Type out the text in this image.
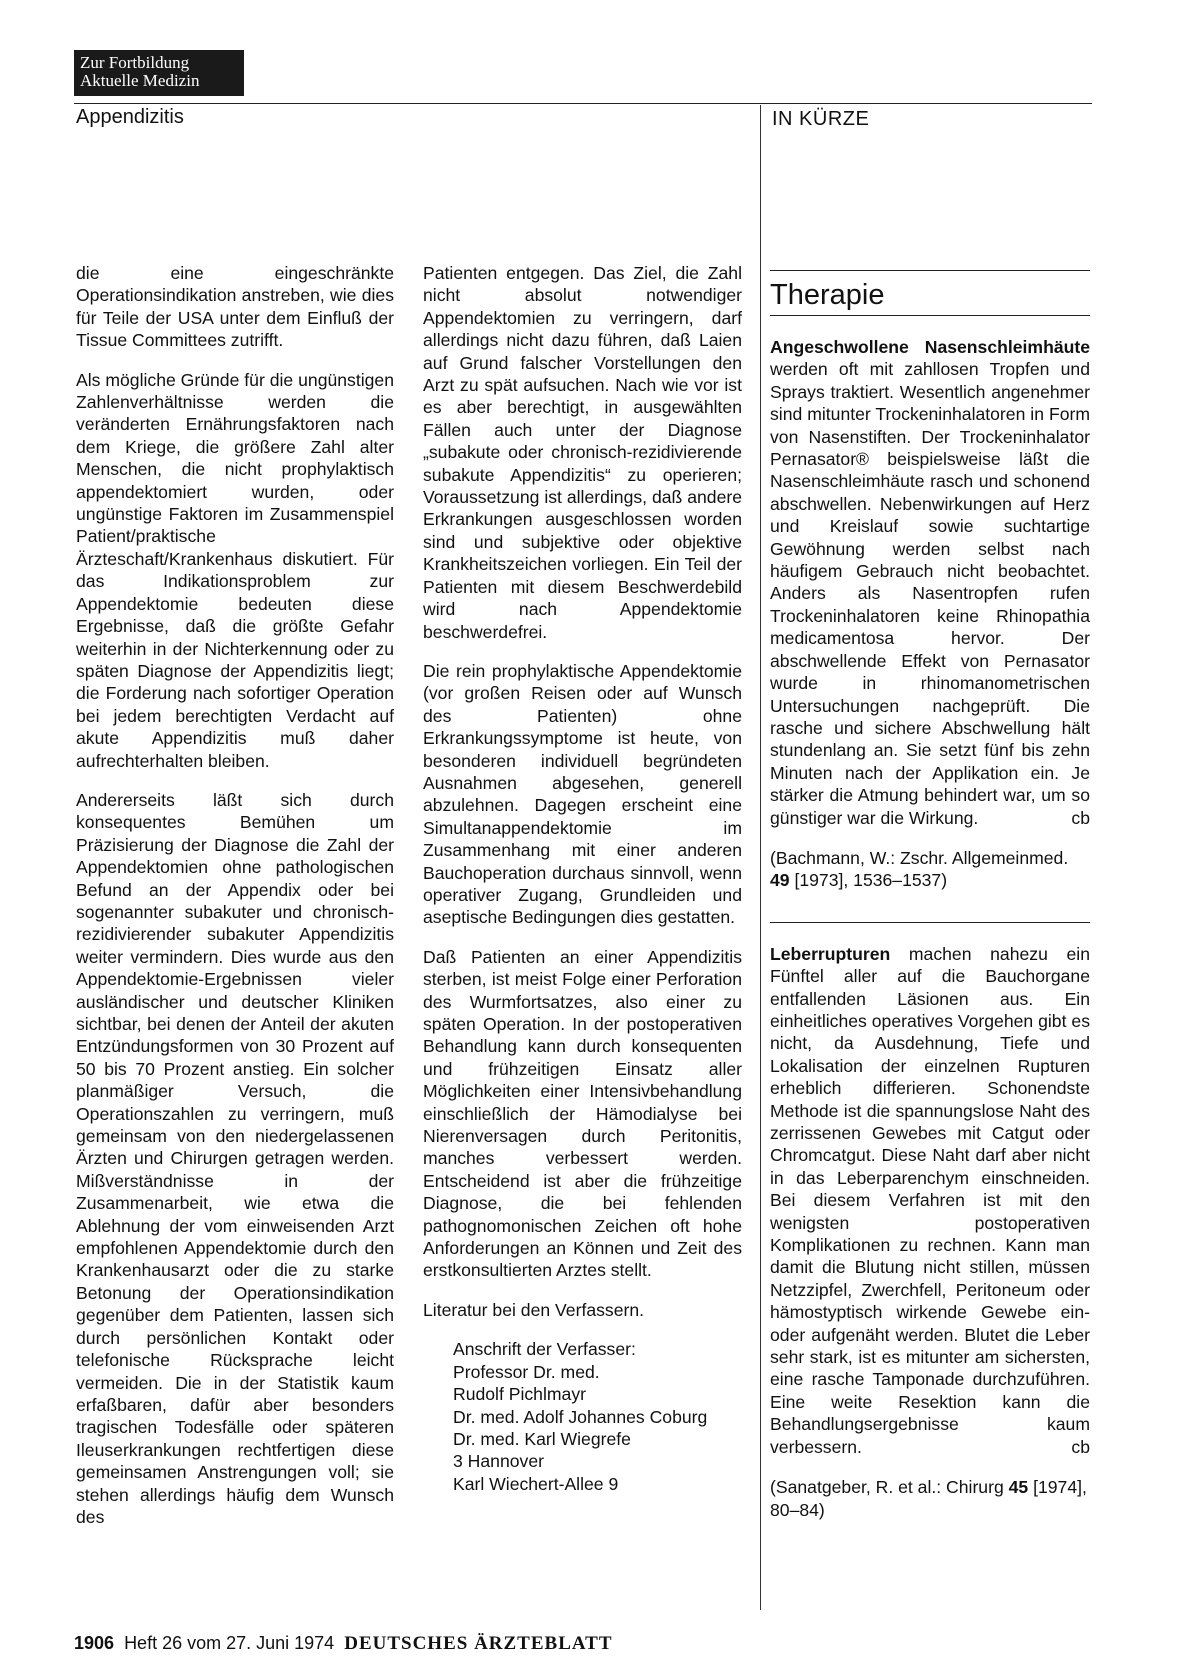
Zur Fortbildung
Aktuelle Medizin
Appendizitis	IN KÜRZE

die eine eingeschränkte Operationsindikation anstreben, wie dies für Teile der USA unter dem Einfluß der Tissue Committees zutrifft.

Als mögliche Gründe für die ungünstigen Zahlenverhältnisse werden die veränderten Ernährungsfaktoren nach dem Kriege, die größere Zahl alter Menschen, die nicht prophylaktisch appendektomiert wurden, oder ungünstige Faktoren im Zusammenspiel Patient/praktische Ärzteschaft/Krankenhaus diskutiert. Für das Indikationsproblem zur Appendektomie bedeuten diese Ergebnisse, daß die größte Gefahr weiterhin in der Nichterkennung oder zu späten Diagnose der Appendizitis liegt; die Forderung nach sofortiger Operation bei jedem berechtigten Verdacht auf akute Appendizitis muß daher aufrechterhalten bleiben.

Andererseits läßt sich durch konsequentes Bemühen um Präzisierung der Diagnose die Zahl der Appendektomien ohne pathologischen Befund an der Appendix oder bei sogenannter subakuter und chronisch-rezidivierender subakuter Appendizitis weiter vermindern. Dies wurde aus den Appendektomie-Ergebnissen vieler ausländischer und deutscher Kliniken sichtbar, bei denen der Anteil der akuten Entzündungsformen von 30 Prozent auf 50 bis 70 Prozent anstieg. Ein solcher planmäßiger Versuch, die Operationszahlen zu verringern, muß gemeinsam von den niedergelassenen Ärzten und Chirurgen getragen werden. Mißverständnisse in der Zusammenarbeit, wie etwa die Ablehnung der vom einweisenden Arzt empfohlenen Appendektomie durch den Krankenhausarzt oder die zu starke Betonung der Operationsindikation gegenüber dem Patienten, lassen sich durch persönlichen Kontakt oder telefonische Rücksprache leicht vermeiden. Die in der Statistik kaum erfaßbaren, dafür aber besonders tragischen Todesfälle oder späteren Ileuserkrankungen rechtfertigen diese gemeinsamen Anstrengungen voll; sie stehen allerdings häufig dem Wunsch des

Patienten entgegen. Das Ziel, die Zahl nicht absolut notwendiger Appendektomien zu verringern, darf allerdings nicht dazu führen, daß Laien auf Grund falscher Vorstellungen den Arzt zu spät aufsuchen. Nach wie vor ist es aber berechtigt, in ausgewählten Fällen auch unter der Diagnose „subakute oder chronisch-rezidivierende subakute Appendizitis“ zu operieren; Voraussetzung ist allerdings, daß andere Erkrankungen ausgeschlossen worden sind und subjektive oder objektive Krankheitszeichen vorliegen. Ein Teil der Patienten mit diesem Beschwerdebild wird nach Appendektomie beschwerdefrei.

Die rein prophylaktische Appendektomie (vor großen Reisen oder auf Wunsch des Patienten) ohne Erkrankungssymptome ist heute, von besonderen individuell begründeten Ausnahmen abgesehen, generell abzulehnen. Dagegen erscheint eine Simultanappendektomie im Zusammenhang mit einer anderen Bauchoperation durchaus sinnvoll, wenn operativer Zugang, Grundleiden und aseptische Bedingungen dies gestatten.

Daß Patienten an einer Appendizitis sterben, ist meist Folge einer Perforation des Wurmfortsatzes, also einer zu späten Operation. In der postoperativen Behandlung kann durch konsequenten und frühzeitigen Einsatz aller Möglichkeiten einer Intensivbehandlung einschließlich der Hämodialyse bei Nierenversagen durch Peritonitis, manches verbessert werden. Entscheidend ist aber die frühzeitige Diagnose, die bei fehlenden pathognomonischen Zeichen oft hohe Anforderungen an Können und Zeit des erstkonsultierten Arztes stellt.

Literatur bei den Verfassern.

Anschrift der Verfasser:
Professor Dr. med.
Rudolf Pichlmayr
Dr. med. Adolf Johannes Coburg
Dr. med. Karl Wiegrefe
3 Hannover
Karl Wiechert-Allee 9
Therapie
Angeschwollene Nasenschleimhäute werden oft mit zahllosen Tropfen und Sprays traktiert. Wesentlich angenehmer sind mitunter Trockeninhalatoren in Form von Nasenstiften. Der Trockeninhalator Pernasator® beispielsweise läßt die Nasenschleimhäute rasch und schonend abschwellen. Nebenwirkungen auf Herz und Kreislauf sowie suchtartige Gewöhnung werden selbst nach häufigem Gebrauch nicht beobachtet. Anders als Nasentropfen rufen Trockeninhalatoren keine Rhinopathia medicamentosa hervor. Der abschwellende Effekt von Pernasator wurde in rhinomanometrischen Untersuchungen nachgeprüft. Die rasche und sichere Abschwellung hält stundenlang an. Sie setzt fünf bis zehn Minuten nach der Applikation ein. Je stärker die Atmung behindert war, um so günstiger war die Wirkung.	cb
(Bachmann, W.: Zschr. Allgemeinmed. 49 [1973], 1536–1537)
Leberrupturen machen nahezu ein Fünftel aller auf die Bauchorgane entfallenden Läsionen aus. Ein einheitliches operatives Vorgehen gibt es nicht, da Ausdehnung, Tiefe und Lokalisation der einzelnen Rupturen erheblich differieren. Schonendste Methode ist die spannungslose Naht des zerrissenen Gewebes mit Catgut oder Chromcatgut. Diese Naht darf aber nicht in das Leberparenchym einschneiden. Bei diesem Verfahren ist mit den wenigsten postoperativen Komplikationen zu rechnen. Kann man damit die Blutung nicht stillen, müssen Netzzipfel, Zwerchfell, Peritoneum oder hämostyptisch wirkende Gewebe ein- oder aufgenäht werden. Blutet die Leber sehr stark, ist es mitunter am sichersten, eine rasche Tamponade durchzuführen. Eine weite Resektion kann die Behandlungsergebnisse kaum verbessern.	cb
(Sanatgeber, R. et al.: Chirurg 45 [1974], 80–84)
1906 Heft 26 vom 27. Juni 1974 DEUTSCHES ÄRZTEBLATT
